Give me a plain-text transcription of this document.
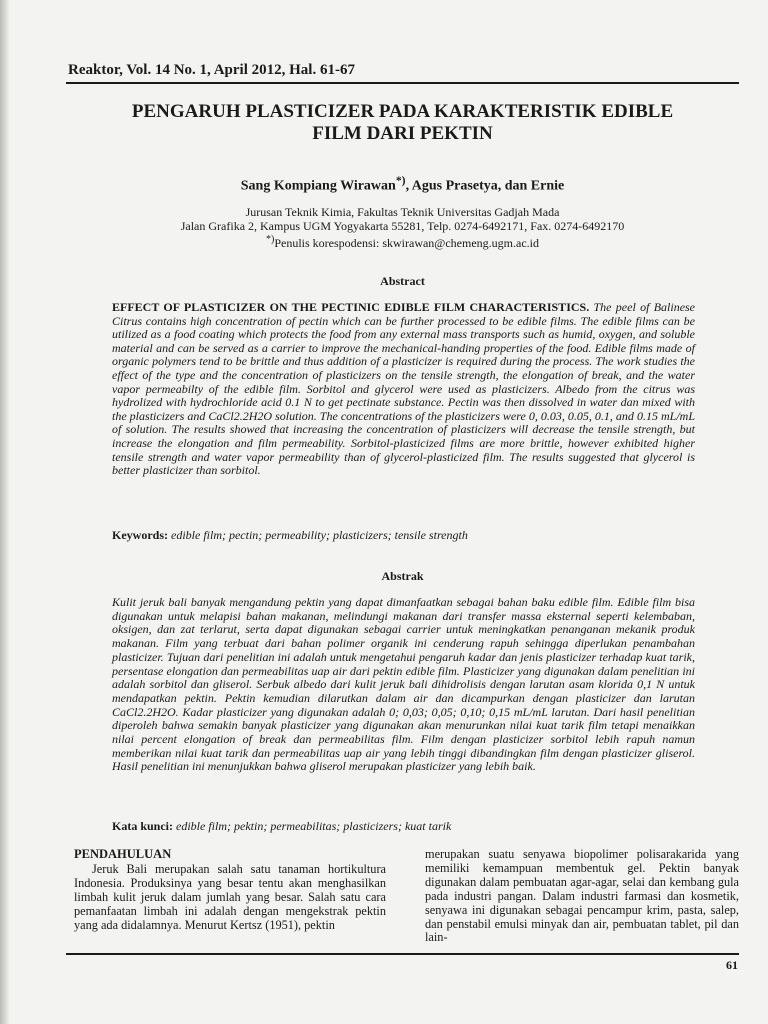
Reaktor, Vol. 14 No. 1, April 2012, Hal. 61-67
PENGARUH PLASTICIZER PADA KARAKTERISTIK EDIBLE
FILM DARI PEKTIN
Sang Kompiang Wirawan*), Agus Prasetya, dan Ernie
Jurusan Teknik Kimia, Fakultas Teknik Universitas Gadjah Mada
Jalan Grafika 2, Kampus UGM Yogyakarta 55281, Telp. 0274-6492171, Fax. 0274-6492170
*)Penulis korespodensi: skwirawan@chemeng.ugm.ac.id
Abstract
EFFECT OF PLASTICIZER ON THE PECTINIC EDIBLE FILM CHARACTERISTICS. The peel of Balinese Citrus contains high concentration of pectin which can be further processed to be edible films. The edible films can be utilized as a food coating which protects the food from any external mass transports such as humid, oxygen, and soluble material and can be served as a carrier to improve the mechanical-handing properties of the food. Edible films made of organic polymers tend to be brittle and thus addition of a plasticizer is required during the process. The work studies the effect of the type and the concentration of plasticizers on the tensile strength, the elongation of break, and the water vapor permeabilty of the edible film. Sorbitol and glycerol were used as plasticizers. Albedo from the citrus was hydrolized with hydrochloride acid 0.1 N to get pectinate substance. Pectin was then dissolved in water dan mixed with the plasticizers and CaCl2.2H2O solution. The concentrations of the plasticizers were 0, 0.03, 0.05, 0.1, and 0.15 mL/mL of solution. The results showed that increasing the concentration of plasticizers will decrease the tensile strength, but increase the elongation and film permeability. Sorbitol-plasticized films are more brittle, however exhibited higher tensile strength and water vapor permeability than of glycerol-plasticized film. The results suggested that glycerol is better plasticizer than sorbitol.
Keywords: edible film; pectin; permeability; plasticizers; tensile strength
Abstrak
Kulit jeruk bali banyak mengandung pektin yang dapat dimanfaatkan sebagai bahan baku edible film. Edible film bisa digunakan untuk melapisi bahan makanan, melindungi makanan dari transfer massa eksternal seperti kelembaban, oksigen, dan zat terlarut, serta dapat digunakan sebagai carrier untuk meningkatkan penanganan mekanik produk makanan. Film yang terbuat dari bahan polimer organik ini cenderung rapuh sehingga diperlukan penambahan plasticizer. Tujuan dari penelitian ini adalah untuk mengetahui pengaruh kadar dan jenis plasticizer terhadap kuat tarik, persentase elongation dan permeabilitas uap air dari pektin edible film. Plasticizer yang digunakan dalam penelitian ini adalah sorbitol dan gliserol. Serbuk albedo dari kulit jeruk bali dihidrolisis dengan larutan asam klorida 0,1 N untuk mendapatkan pektin. Pektin kemudian dilarutkan dalam air dan dicampurkan dengan plasticizer dan larutan CaCl2.2H2O. Kadar plasticizer yang digunakan adalah 0; 0,03; 0,05; 0,10; 0,15 mL/mL larutan. Dari hasil penelitian diperoleh bahwa semakin banyak plasticizer yang digunakan akan menurunkan nilai kuat tarik film tetapi menaikkan nilai percent elongation of break dan permeabilitas film. Film dengan plasticizer sorbitol lebih rapuh namun memberikan nilai kuat tarik dan permeabilitas uap air yang lebih tinggi dibandingkan film dengan plasticizer gliserol. Hasil penelitian ini menunjukkan bahwa gliserol merupakan plasticizer yang lebih baik.
Kata kunci: edible film; pektin; permeabilitas; plasticizers; kuat tarik
PENDAHULUAN
Jeruk Bali merupakan salah satu tanaman hortikultura Indonesia. Produksinya yang besar tentu akan menghasilkan limbah kulit jeruk dalam jumlah yang besar. Salah satu cara pemanfaatan limbah ini adalah dengan mengekstrak pektin yang ada didalamnya. Menurut Kertsz (1951), pektin
merupakan suatu senyawa biopolimer polisarakarida yang memiliki kemampuan membentuk gel. Pektin banyak digunakan dalam pembuatan agar-agar, selai dan kembang gula pada industri pangan. Dalam industri farmasi dan kosmetik, senyawa ini digunakan sebagai pencampur krim, pasta, salep, dan penstabil emulsi minyak dan air, pembuatan tablet, pil dan lain-
61
